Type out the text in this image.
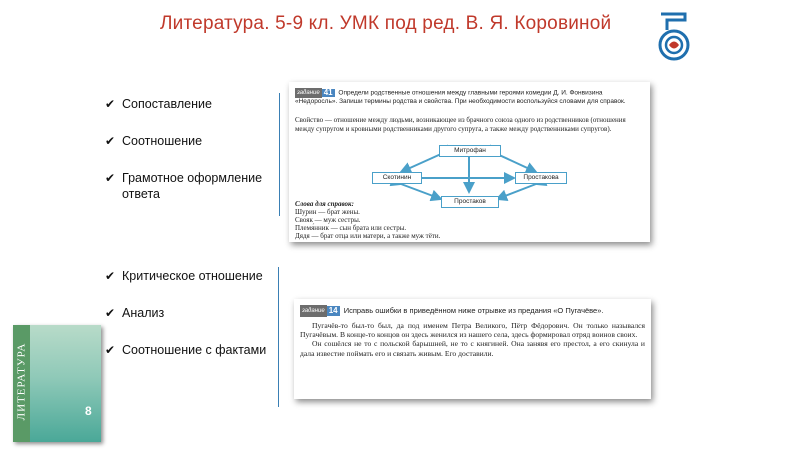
Литература. 5-9 кл. УМК под ред. В. Я. Коровиной
✔ Сопоставление
✔ Соотношение
✔ Грамотное оформление ответа
✔ Критическое отношение
✔ Анализ
✔ Соотношение с фактами
ЛИТЕРАТУРА	8
задание 41 Определи родственные отношения между главными героями комедии Д. И. Фонвизина «Недоросль». Запиши термины родства и свойства. При необходимости воспользуйся словами для справок.
Свойство — отношение между людьми, возникающее из брачного союза одного из родственников (отношения между супругом и кровными родственниками другого супруга, а также между родственниками супругов).
Митрофан
Скотинин	Простакова
Простаков
Слова для справок:
Шурин — брат жены.
Сво́як — муж сестры.
Племя́нник — сын брата или сестры.
Дядя — брат отца или матери, а также муж тёти.
задание 14 Исправь ошибки в приведённом ниже отрывке из предания «О Пугачёве».

Пугачёв-то был-то был, да под именем Петра Великого, Пётр Фёдорович. Он только назывался Пугачёвым. В конце-то концов он здесь женился из нашего села, здесь формировал отряд воинов своих.

Он сошёлся не то с польской барышней, не то с княгиней. Она занявя его престол, а его скинула и дала известие поймать его и связать живым. Его доставили.
